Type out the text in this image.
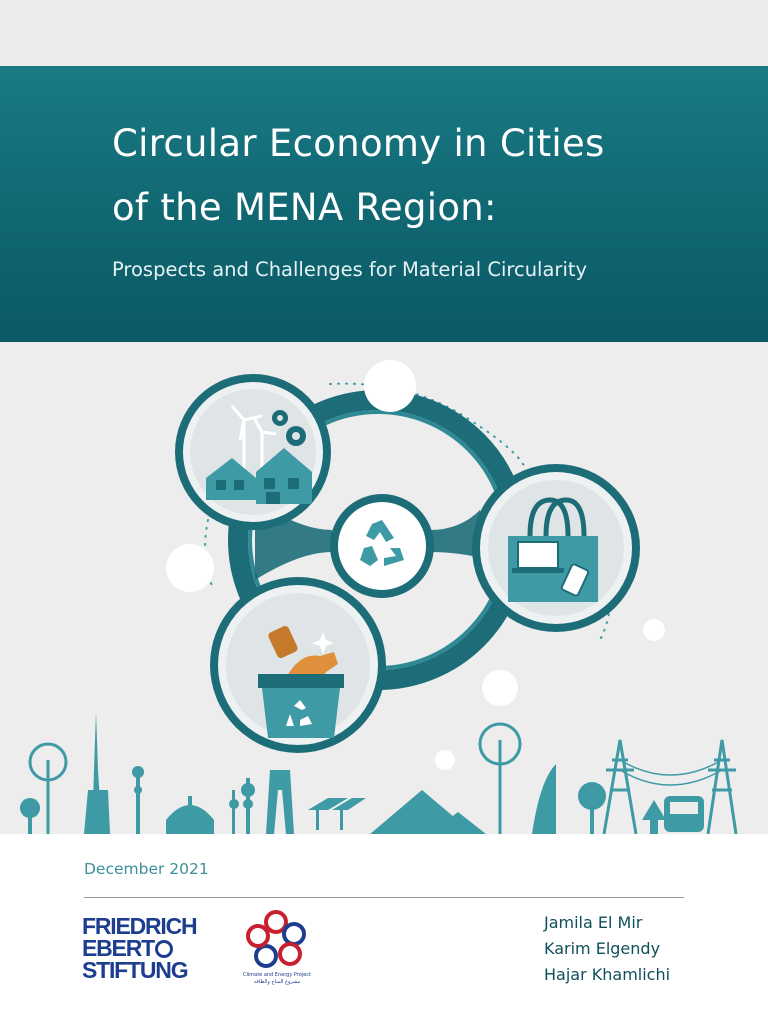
Circular Economy in Cities
of the MENA Region:
Prospects and Challenges for Material Circularity
December 2021
FRIEDRICH
EBERT
STIFTUNG	Climate and Energy Project
مشروع المناخ والطاقة
Jamila El Mir
Karim Elgendy
Hajar Khamlichi
